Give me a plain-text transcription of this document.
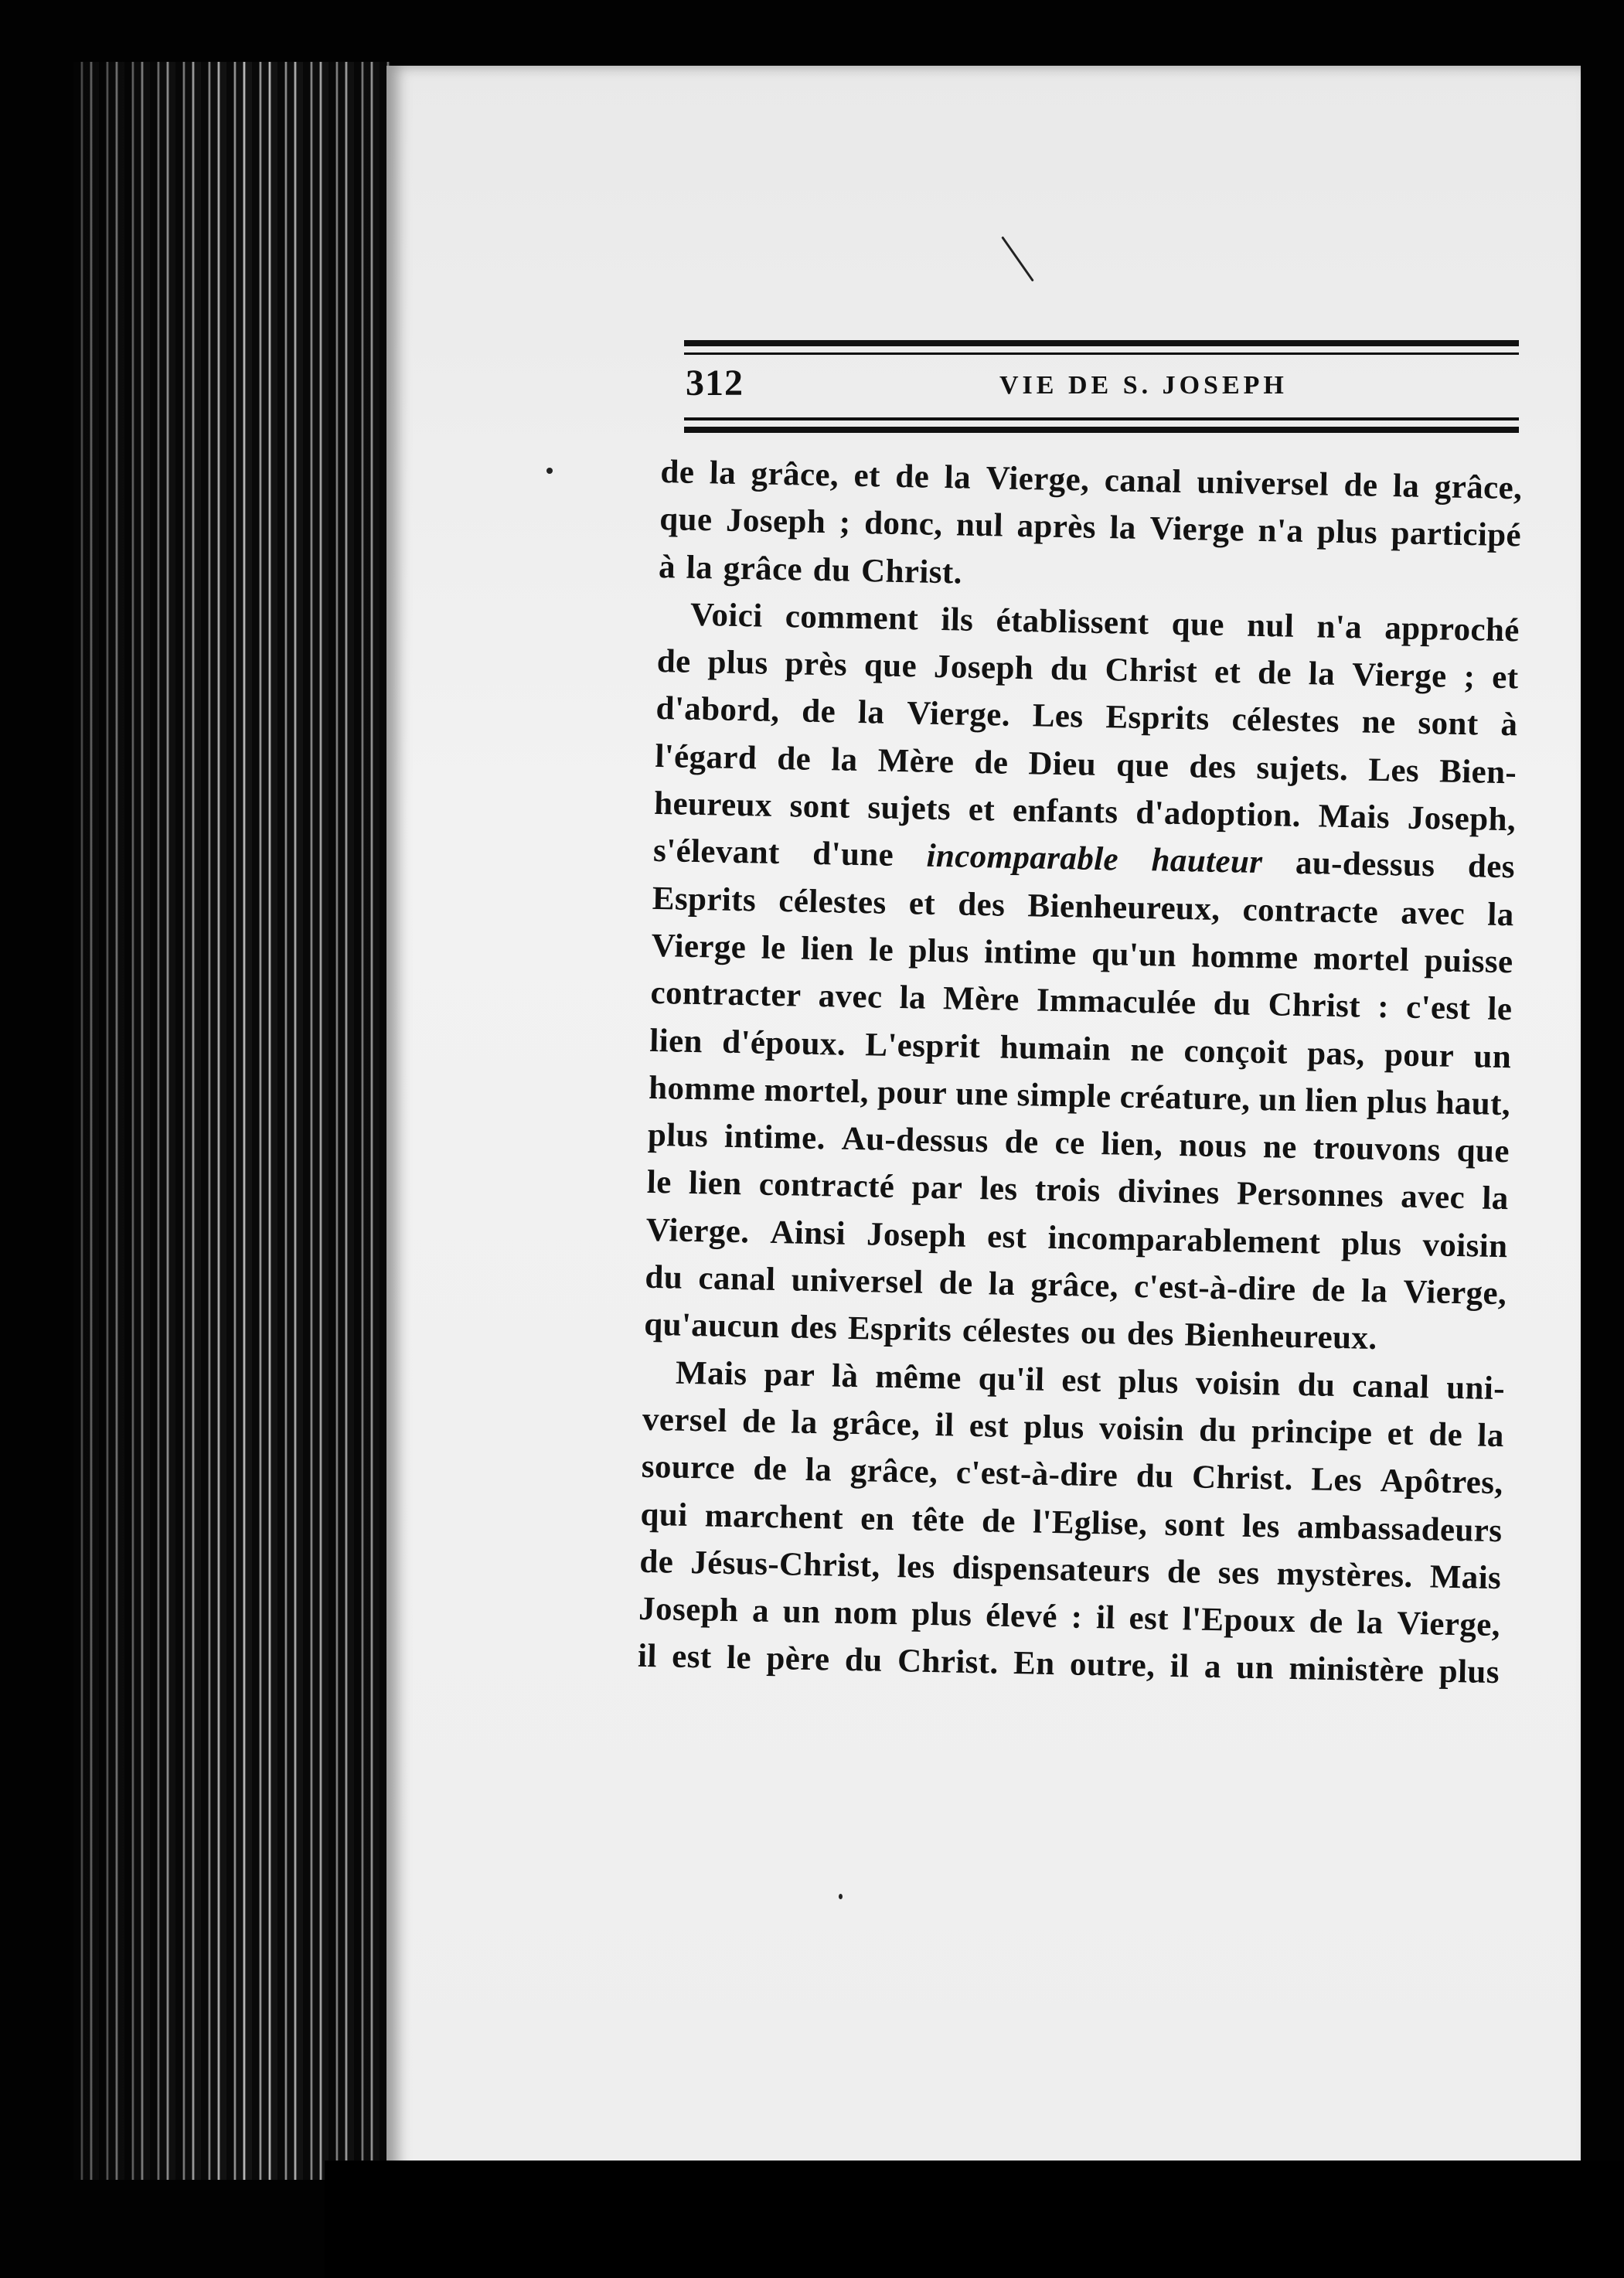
312	VIE DE S. JOSEPH
de la grâce, et de la Vierge, canal universel de la grâce,
que Joseph ; donc, nul après la Vierge n'a plus participé
à la grâce du Christ.
Voici comment ils établissent que nul n'a approché
de plus près que Joseph du Christ et de la Vierge ; et
d'abord, de la Vierge. Les Esprits célestes ne sont à
l'égard de la Mère de Dieu que des sujets. Les Bien-
heureux sont sujets et enfants d'adoption. Mais Joseph,
s'élevant d'une incomparable hauteur au-dessus des
Esprits célestes et des Bienheureux, contracte avec la
Vierge le lien le plus intime qu'un homme mortel puisse
contracter avec la Mère Immaculée du Christ : c'est le
lien d'époux. L'esprit humain ne conçoit pas, pour un
homme mortel, pour une simple créature, un lien plus haut,
plus intime. Au-dessus de ce lien, nous ne trouvons que
le lien contracté par les trois divines Personnes avec la
Vierge. Ainsi Joseph est incomparablement plus voisin
du canal universel de la grâce, c'est-à-dire de la Vierge,
qu'aucun des Esprits célestes ou des Bienheureux.
Mais par là même qu'il est plus voisin du canal uni-
versel de la grâce, il est plus voisin du principe et de la
source de la grâce, c'est-à-dire du Christ. Les Apôtres,
qui marchent en tête de l'Eglise, sont les ambassadeurs
de Jésus-Christ, les dispensateurs de ses mystères. Mais
Joseph a un nom plus élevé : il est l'Epoux de la Vierge,
il est le père du Christ. En outre, il a un ministère plus
